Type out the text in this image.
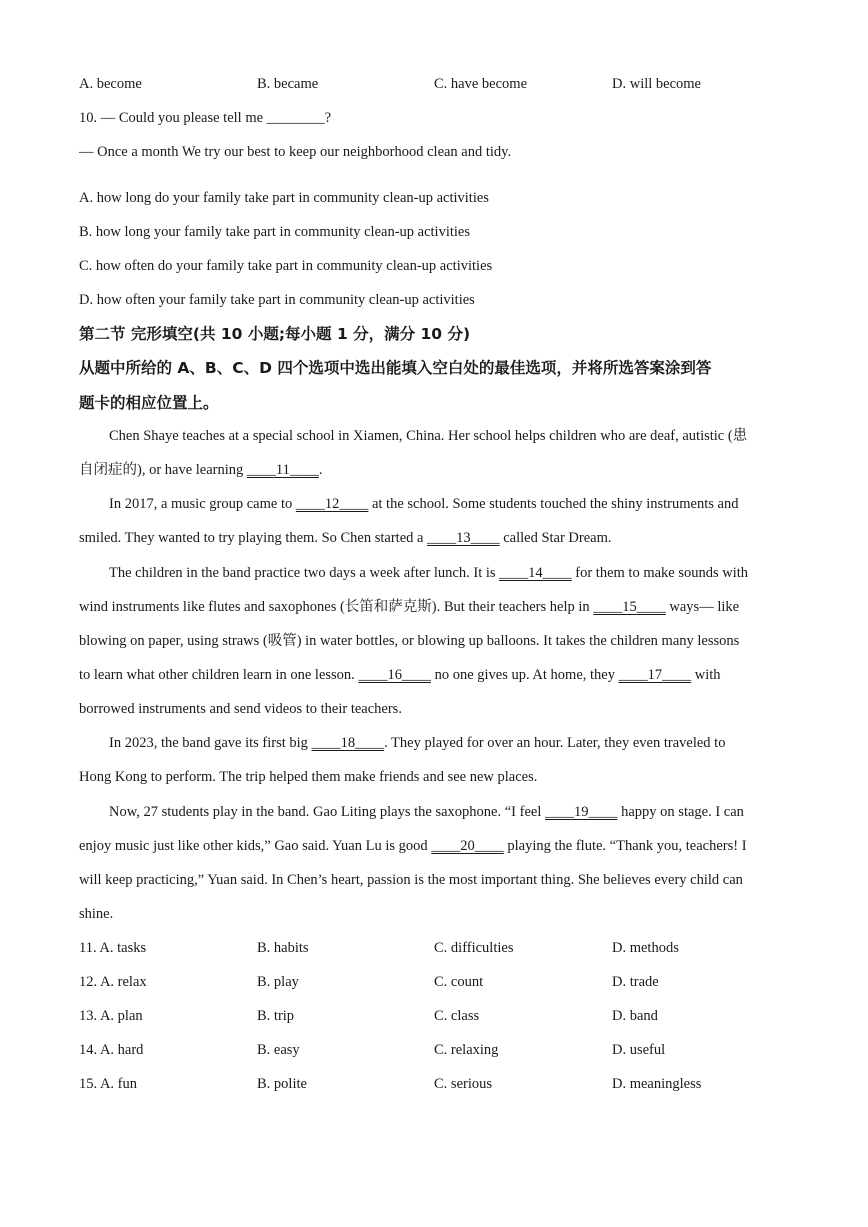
A. become	B. became	C. have become	D. will become
10. — Could you please tell me ________?
— Once a month We try our best to keep our neighborhood clean and tidy.
A. how long do your family take part in community clean-up activities
B. how long your family take part in community clean-up activities
C. how often do your family take part in community clean-up activities
D. how often your family take part in community clean-up activities
第二节 完形填空(共 10 小题;每小题 1 分，满分 10 分)
从题中所给的 A、B、C、D 四个选项中选出能填入空白处的最佳选项，并将所选答案涂到答
题卡的相应位置上。
Chen Shaye teaches at a special school in Xiamen, China. Her school helps children who are deaf, autistic (患
自闭症的), or have learning ____11____.
In 2017, a music group came to ____12____ at the school. Some students touched the shiny instruments and
smiled. They wanted to try playing them. So Chen started a ____13____ called Star Dream.
The children in the band practice two days a week after lunch. It is ____14____ for them to make sounds with
wind instruments like flutes and saxophones (长笛和萨克斯). But their teachers help in ____15____ ways— like
blowing on paper, using straws (吸管) in water bottles, or blowing up balloons. It takes the children many lessons
to learn what other children learn in one lesson. ____16____ no one gives up. At home, they ____17____ with
borrowed instruments and send videos to their teachers.
In 2023, the band gave its first big ____18____. They played for over an hour. Later, they even traveled to
Hong Kong to perform. The trip helped them make friends and see new places.
Now, 27 students play in the band. Gao Liting plays the saxophone. “I feel ____19____ happy on stage. I can
enjoy music just like other kids,” Gao said. Yuan Lu is good ____20____ playing the flute. “Thank you, teachers! I
will keep practicing,” Yuan said. In Chen’s heart, passion is the most important thing. She believes every child can
shine.
11. A. tasks	B. habits	C. difficulties	D. methods
12. A. relax	B. play	C. count	D. trade
13. A. plan	B. trip	C. class	D. band
14. A. hard	B. easy	C. relaxing	D. useful
15. A. fun	B. polite	C. serious	D. meaningless
